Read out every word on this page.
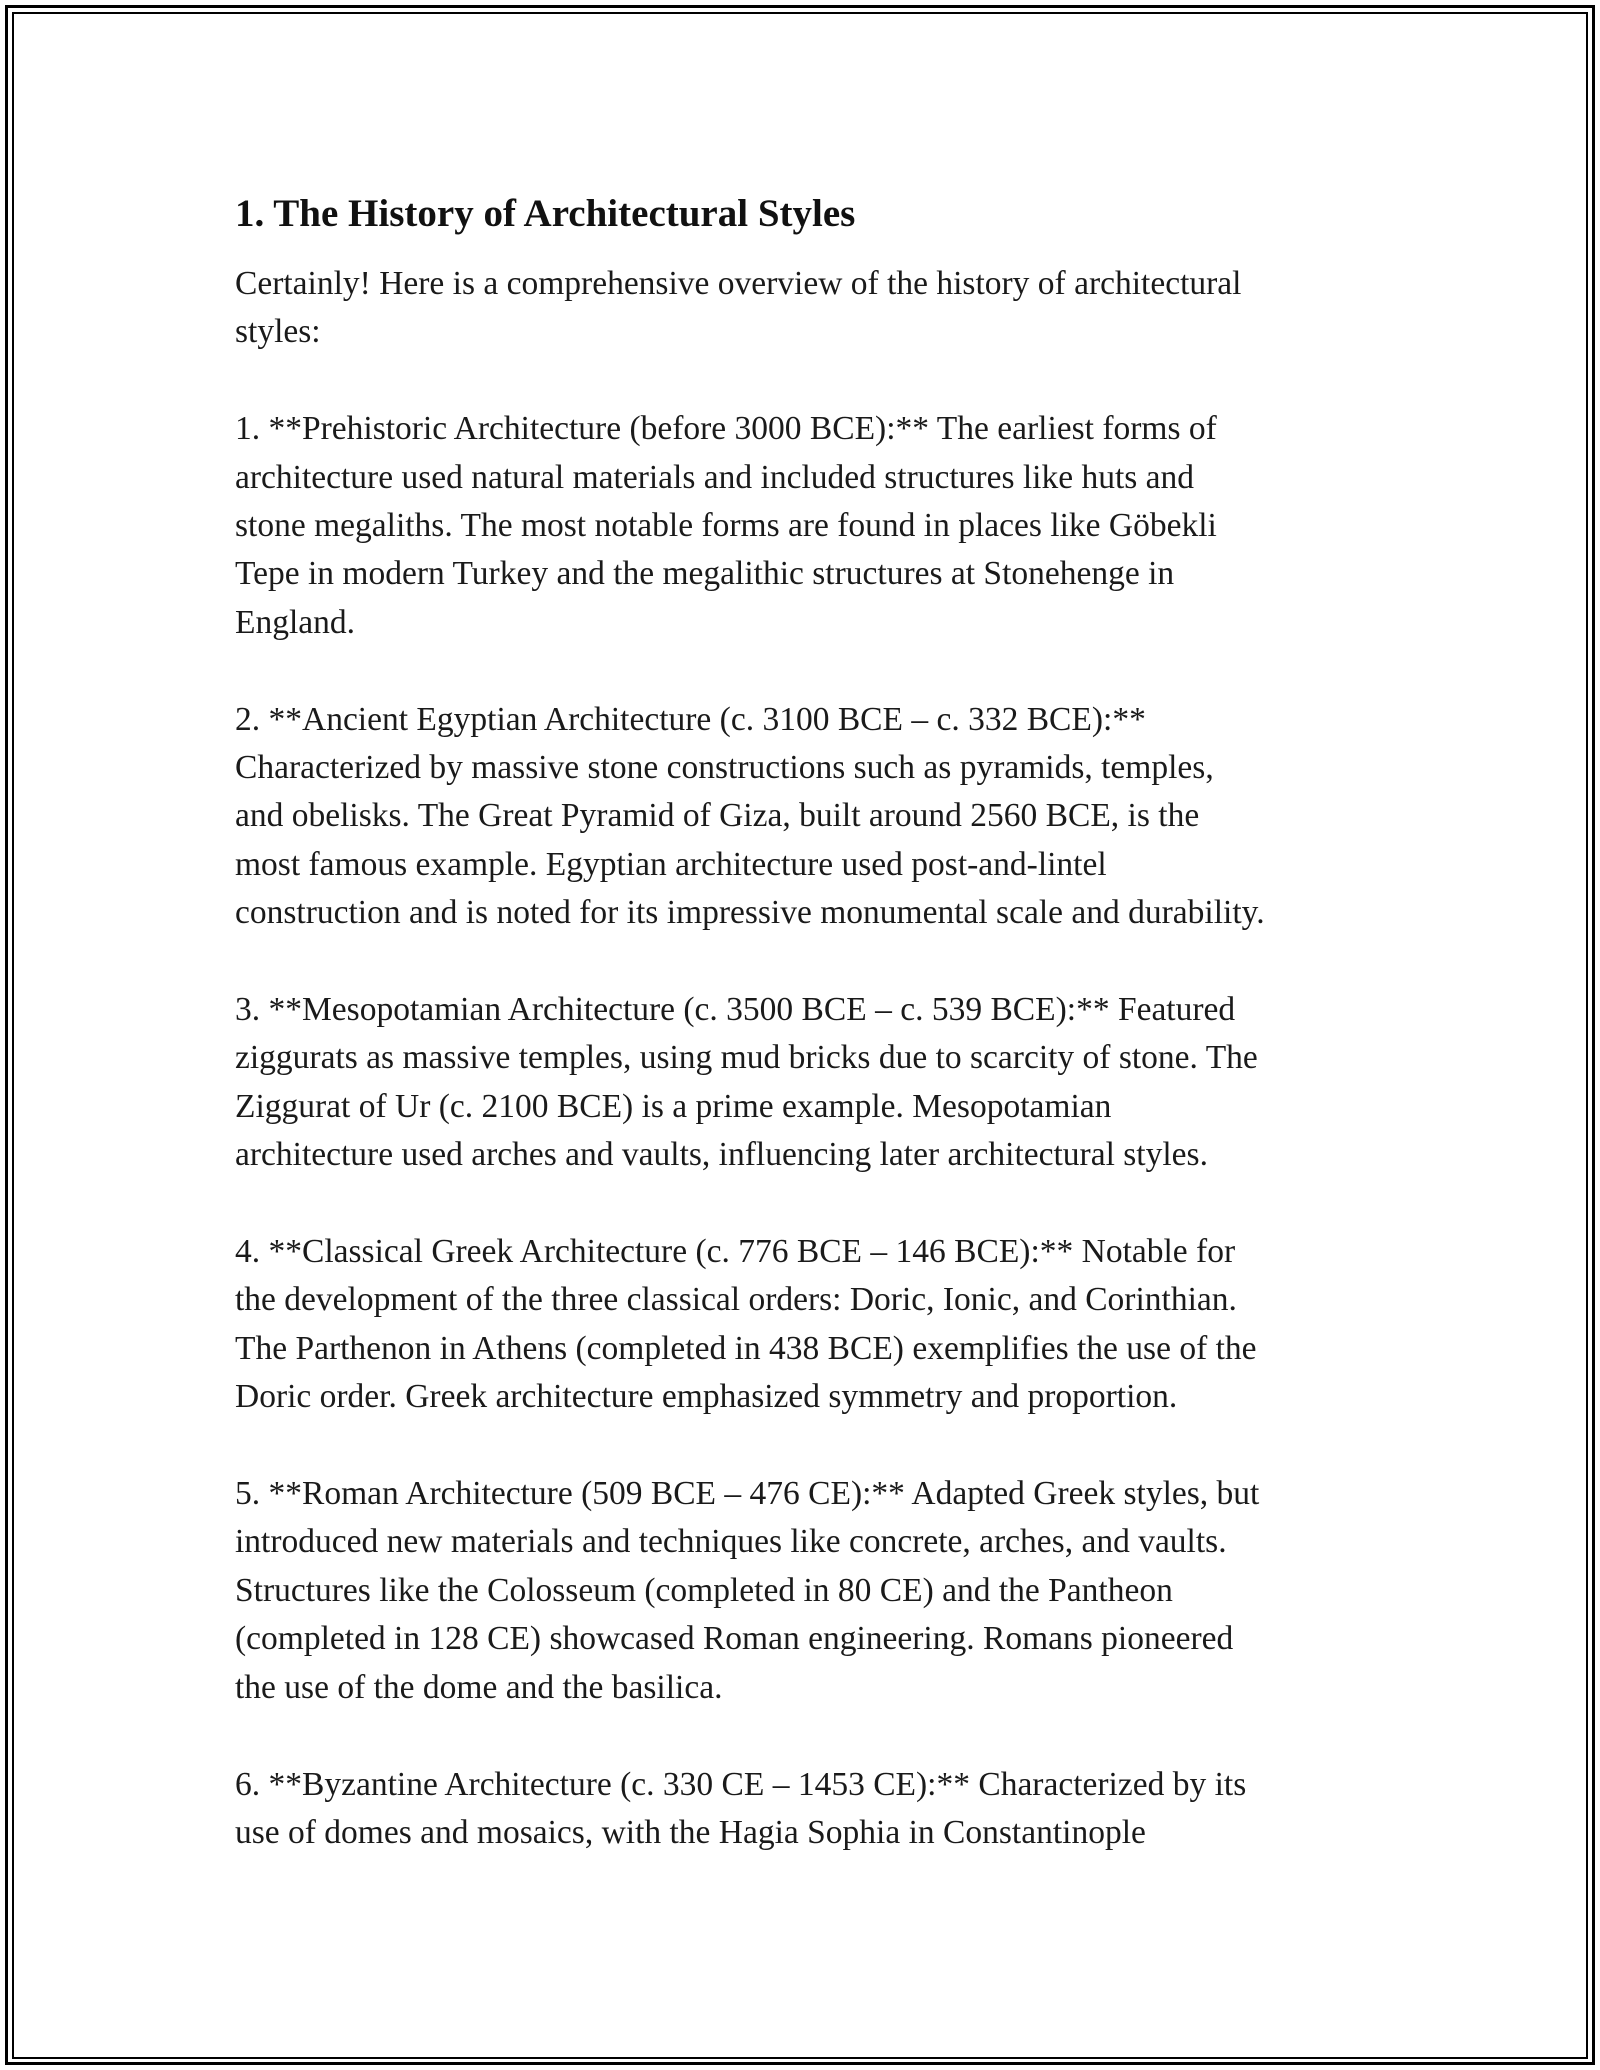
1. The History of Architectural Styles

Certainly! Here is a comprehensive overview of the history of architectural
styles:

1. **Prehistoric Architecture (before 3000 BCE):** The earliest forms of
architecture used natural materials and included structures like huts and
stone megaliths. The most notable forms are found in places like Göbekli
Tepe in modern Turkey and the megalithic structures at Stonehenge in
England.

2. **Ancient Egyptian Architecture (c. 3100 BCE – c. 332 BCE):**
Characterized by massive stone constructions such as pyramids, temples,
and obelisks. The Great Pyramid of Giza, built around 2560 BCE, is the
most famous example. Egyptian architecture used post-and-lintel
construction and is noted for its impressive monumental scale and durability.

3. **Mesopotamian Architecture (c. 3500 BCE – c. 539 BCE):** Featured
ziggurats as massive temples, using mud bricks due to scarcity of stone. The
Ziggurat of Ur (c. 2100 BCE) is a prime example. Mesopotamian
architecture used arches and vaults, influencing later architectural styles.

4. **Classical Greek Architecture (c. 776 BCE – 146 BCE):** Notable for
the development of the three classical orders: Doric, Ionic, and Corinthian.
The Parthenon in Athens (completed in 438 BCE) exemplifies the use of the
Doric order. Greek architecture emphasized symmetry and proportion.

5. **Roman Architecture (509 BCE – 476 CE):** Adapted Greek styles, but
introduced new materials and techniques like concrete, arches, and vaults.
Structures like the Colosseum (completed in 80 CE) and the Pantheon
(completed in 128 CE) showcased Roman engineering. Romans pioneered
the use of the dome and the basilica.

6. **Byzantine Architecture (c. 330 CE – 1453 CE):** Characterized by its
use of domes and mosaics, with the Hagia Sophia in Constantinople
